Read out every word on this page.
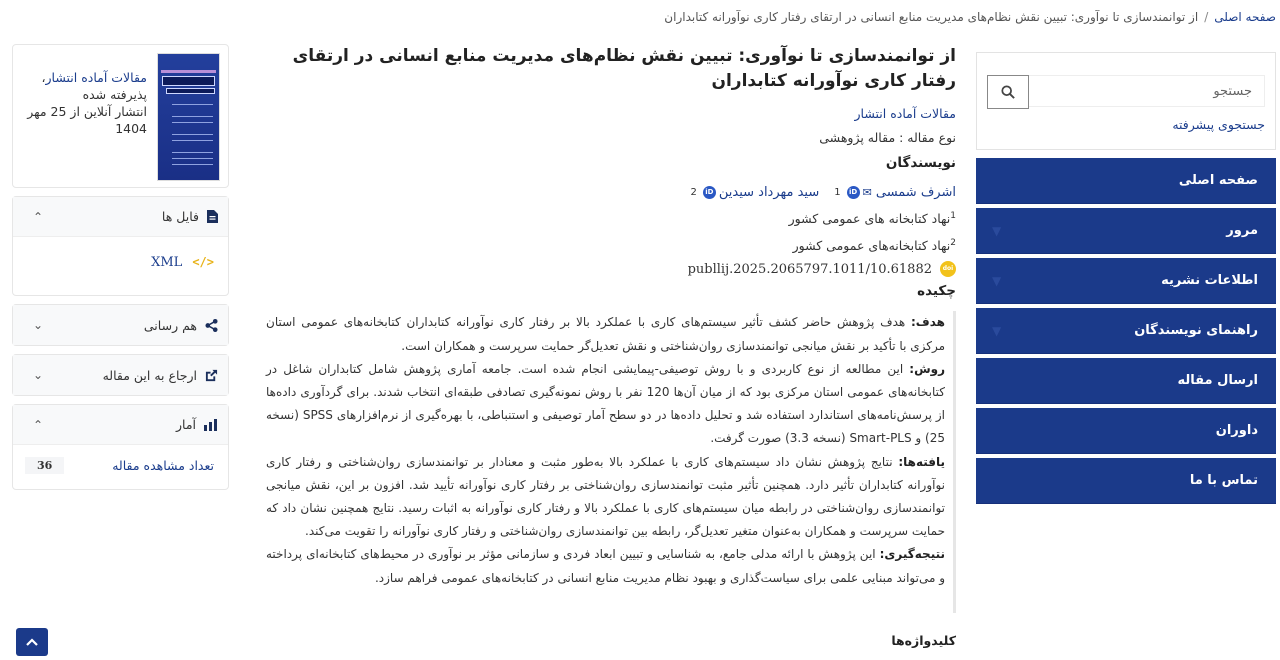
صفحه اصلی/از توانمندسازی تا نوآوری: تبیین نقش نظام‌های مدیریت منابع انسانی در ارتقای رفتار کاری نوآورانه کتابداران
جستجو
جستجوی پیشرفته
صفحه اصلی
مرور
▼
اطلاعات نشریه
▼
راهنمای نویسندگان
▼
ارسال مقاله
داوران
تماس با ما
از توانمندسازی تا نوآوری: تبیین نقش نظام‌های مدیریت منابع انسانی در ارتقای رفتار کاری نوآورانه کتابداران
مقالات آماده انتشار
نوع مقاله : مقاله پژوهشی
نویسندگان
اشرف شمسی
✉
iD
1
سید مهرداد سیدین
iD
2
$^1$نهاد کتابخانه های عمومی کشور
$^2$نهاد کتابخانه‌های عمومی کشور
doi
10.61882/publlij.2025.2065797.1011
چکیده

هدف: هدف پژوهش حاضر کشف تأثیر سیستم‌های کاری با عملکرد بالا بر رفتار کاری نوآورانه کتابداران کتابخانه‌های عمومی استان مرکزی با تأکید بر نقش میانجی توانمندسازی روان‌شناختی و نقش تعدیل‌گر حمایت سرپرست و همکاران است.

روش: این مطالعه از نوع کاربردی و با روش توصیفی-پیمایشی انجام شده است. جامعه آماری پژوهش شامل کتابداران شاغل در کتابخانه‌های عمومی استان مرکزی بود که از میان آن‌ها 120 نفر با روش نمونه‌گیری تصادفی طبقه‌ای انتخاب شدند. برای گردآوری داده‌ها از پرسش‌نامه‌های استاندارد استفاده شد و تحلیل داده‌ها در دو سطح آمار توصیفی و استنباطی، با بهره‌گیری از نرم‌افزارهای SPSS (نسخه 25) و Smart-PLS (نسخه 3.3) صورت گرفت.

یافته‌ها: نتایج پژوهش نشان داد سیستم‌های کاری با عملکرد بالا به‌طور مثبت و معنادار بر توانمندسازی روان‌شناختی و رفتار کاری نوآورانه کتابداران تأثیر دارد. همچنین تأثیر مثبت توانمندسازی روان‌شناختی بر رفتار کاری نوآورانه تأیید شد. افزون بر این، نقش میانجی توانمندسازی روان‌شناختی در رابطه میان سیستم‌های کاری با عملکرد بالا و رفتار کاری نوآورانه به اثبات رسید. نتایج همچنین نشان داد که حمایت سرپرست و همکاران به‌عنوان متغیر تعدیل‌گر، رابطه بین توانمندسازی روان‌شناختی و رفتار کاری نوآورانه را تقویت می‌کند.

نتیجه‌گیری: این پژوهش با ارائه مدلی جامع، به شناسایی و تبیین ابعاد فردی و سازمانی مؤثر بر نوآوری در محیط‌های کتابخانه‌ای پرداخته و می‌تواند مبنایی علمی برای سیاست‌گذاری و بهبود نظام مدیریت منابع انسانی در کتابخانه‌های عمومی فراهم سازد.

کلیدواژه‌ها
مقالات آماده انتشار، پذیرفته شده
انتشار آنلاین از 25 مهر 1404
فایل ها
⌃
</>
XML
هم رسانی
⌄
ارجاع به این مقاله
⌄
آمار
⌃
تعداد مشاهده مقاله
36
